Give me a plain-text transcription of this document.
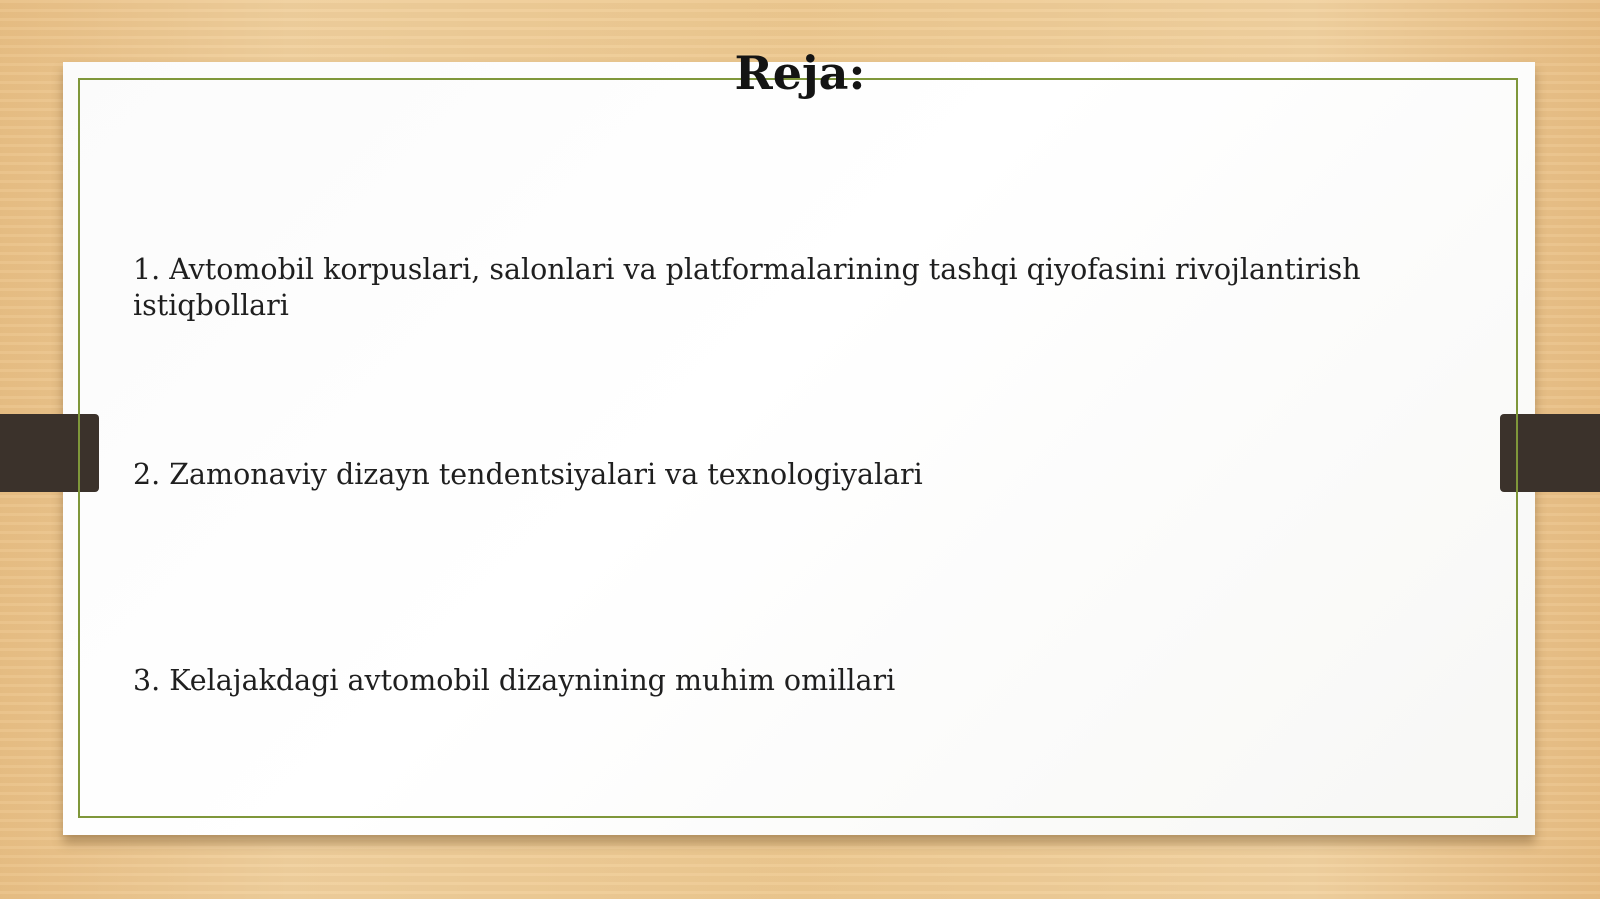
Reja:
1. Avtomobil korpuslari, salonlari va platformalarining tashqi qiyofasini rivojlantirish istiqbollari
2. Zamonaviy dizayn tendentsiyalari va texnologiyalari
3. Kelajakdagi avtomobil dizaynining muhim omillari
